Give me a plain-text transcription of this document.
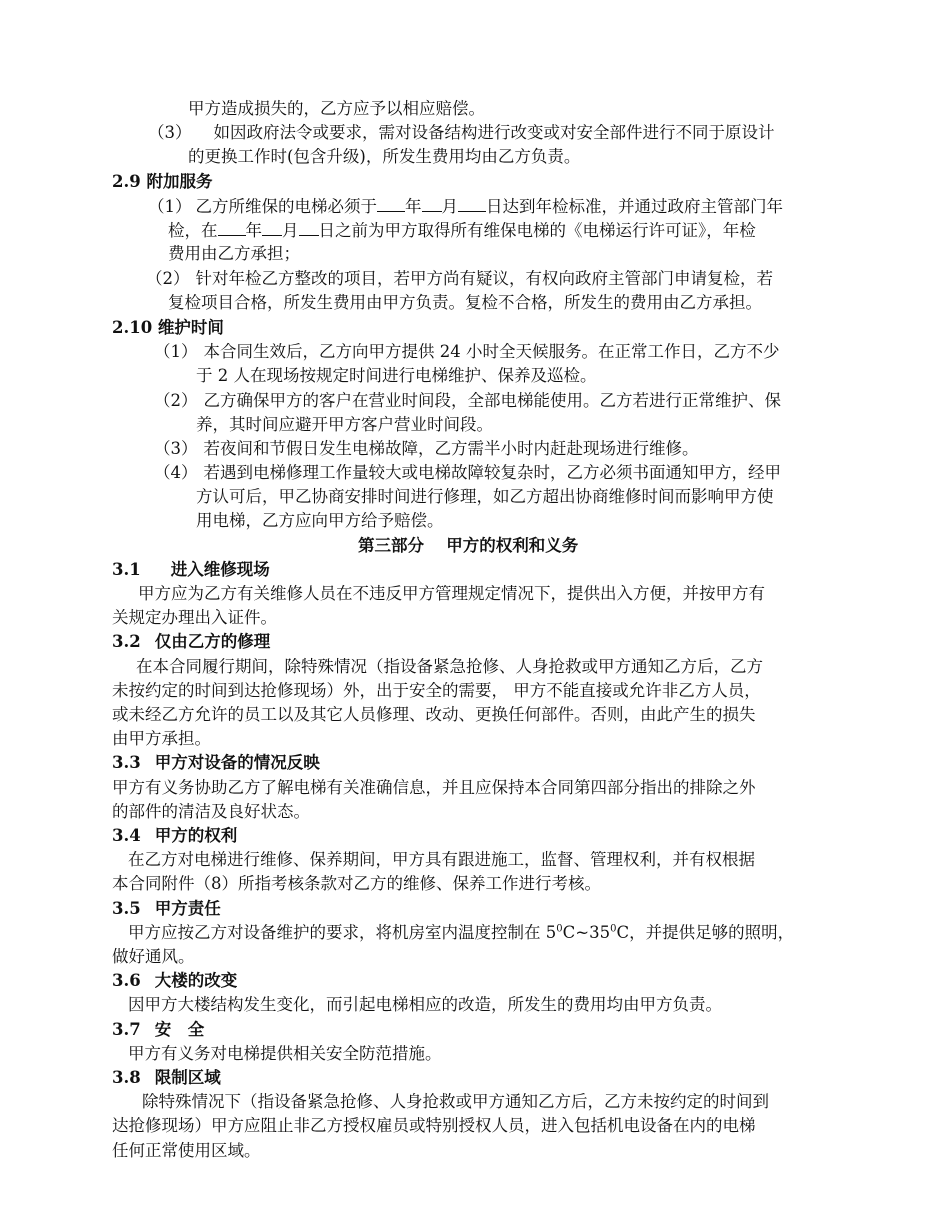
甲方造成损失的，乙方应予以相应赔偿。
（3） 如因政府法令或要求，需对设备结构进行改变或对安全部件进行不同于原设计
的更换工作时(包含升级)，所发生费用均由乙方负责。
2.9 附加服务
（1） 乙方所维保的电梯必须于 年 月 日达到年检标准，并通过政府主管部门年
检，在 年 月 日之前为甲方取得所有维保电梯的《电梯运行许可证》，年检
费用由乙方承担；
（2） 针对年检乙方整改的项目，若甲方尚有疑议，有权向政府主管部门申请复检，若
复检项目合格，所发生费用由甲方负责。复检不合格，所发生的费用由乙方承担。
2.10 维护时间
（1） 本合同生效后，乙方向甲方提供 24 小时全天候服务。在正常工作日，乙方不少
于 2 人在现场按规定时间进行电梯维护、保养及巡检。
（2） 乙方确保甲方的客户在营业时间段，全部电梯能使用。乙方若进行正常维护、保
养，其时间应避开甲方客户营业时间段。
（3） 若夜间和节假日发生电梯故障，乙方需半小时内赶赴现场进行维修。
（4） 若遇到电梯修理工作量较大或电梯故障较复杂时，乙方必须书面通知甲方，经甲
方认可后，甲乙协商安排时间进行修理，如乙方超出协商维修时间而影响甲方使
用电梯，乙方应向甲方给予赔偿。
第三部分　 甲方的权利和义务
3.1 进入维修现场
甲方应为乙方有关维修人员在不违反甲方管理规定情况下，提供出入方便，并按甲方有
关规定办理出入证件。
3.2 仅由乙方的修理
在本合同履行期间，除特殊情况（指设备紧急抢修、人身抢救或甲方通知乙方后，乙方
未按约定的时间到达抢修现场）外，出于安全的需要， 甲方不能直接或允许非乙方人员，
或未经乙方允许的员工以及其它人员修理、改动、更换任何部件。否则，由此产生的损失
由甲方承担。
3.3 甲方对设备的情况反映
甲方有义务协助乙方了解电梯有关准确信息，并且应保持本合同第四部分指出的排除之外
的部件的清洁及良好状态。
3.4 甲方的权利
在乙方对电梯进行维修、保养期间，甲方具有跟进施工，监督、管理权利，并有权根据
本合同附件（8）所指考核条款对乙方的维修、保养工作进行考核。
3.5 甲方责任
甲方应按乙方对设备维护的要求，将机房室内温度控制在 $5^0C\sim 35^0C$，并提供足够的照明，
做好通风。
3.6 大楼的改变
因甲方大楼结构发生变化，而引起电梯相应的改造，所发生的费用均由甲方负责。
3.7 安　全
甲方有义务对电梯提供相关安全防范措施。
3.8 限制区域
除特殊情况下（指设备紧急抢修、人身抢救或甲方通知乙方后，乙方未按约定的时间到
达抢修现场）甲方应阻止非乙方授权雇员或特别授权人员，进入包括机电设备在内的电梯
任何正常使用区域。
